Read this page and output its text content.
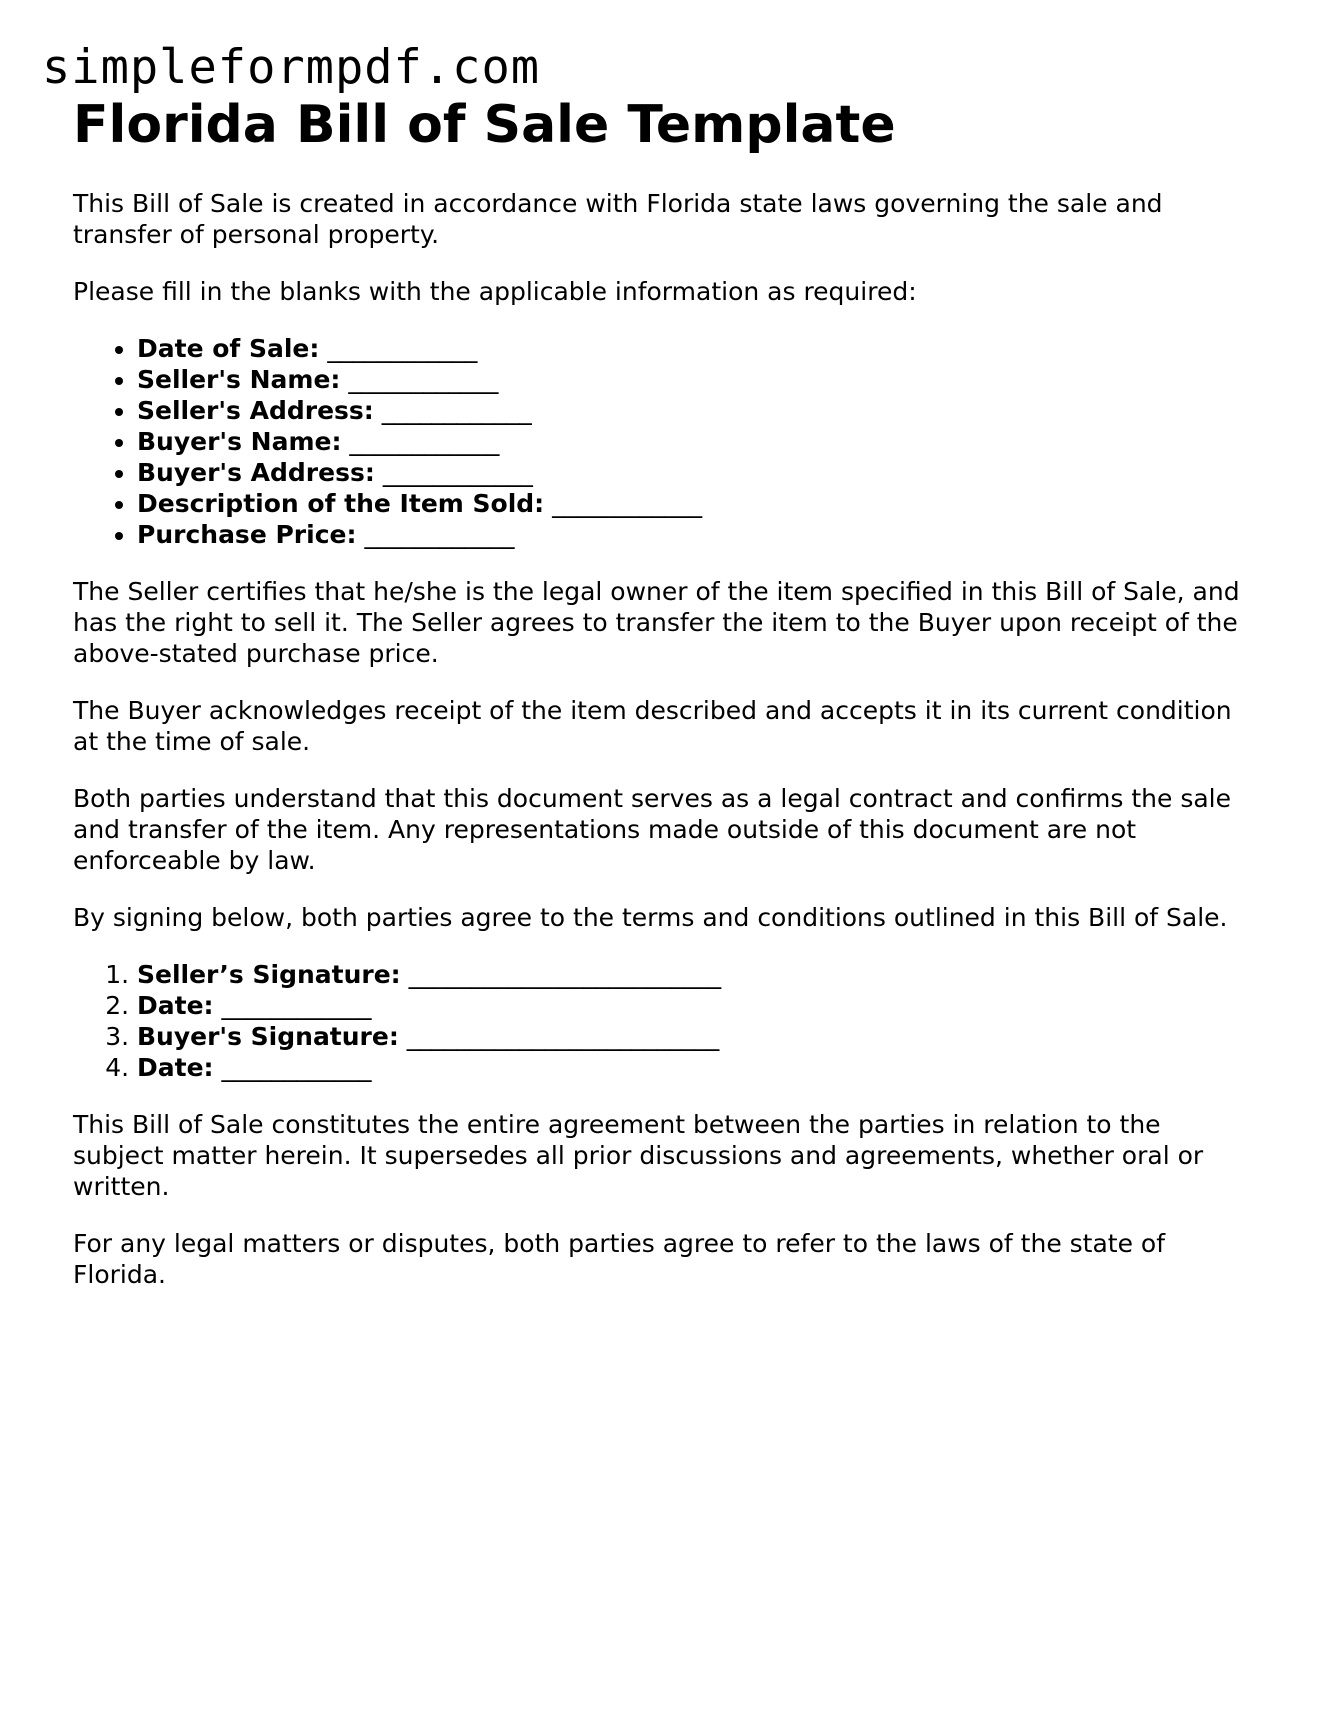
simpleformpdf.com
Florida Bill of Sale Template

This Bill of Sale is created in accordance with Florida state laws governing the sale and transfer of personal property.

Please fill in the blanks with the applicable information as required:

• Date of Sale: ____________
• Seller's Name: ____________
• Seller's Address: ____________
• Buyer's Name: ____________
• Buyer's Address: ____________
• Description of the Item Sold: ____________
• Purchase Price: ____________

The Seller certifies that he/she is the legal owner of the item specified in this Bill of Sale, and has the right to sell it. The Seller agrees to transfer the item to the Buyer upon receipt of the above-stated purchase price.

The Buyer acknowledges receipt of the item described and accepts it in its current condition at the time of sale.

Both parties understand that this document serves as a legal contract and confirms the sale and transfer of the item. Any representations made outside of this document are not enforceable by law.

By signing below, both parties agree to the terms and conditions outlined in this Bill of Sale.

1. Seller’s Signature: _________________________
2. Date: ____________
3. Buyer's Signature: _________________________
4. Date: ____________

This Bill of Sale constitutes the entire agreement between the parties in relation to the subject matter herein. It supersedes all prior discussions and agreements, whether oral or written.

For any legal matters or disputes, both parties agree to refer to the laws of the state of Florida.
